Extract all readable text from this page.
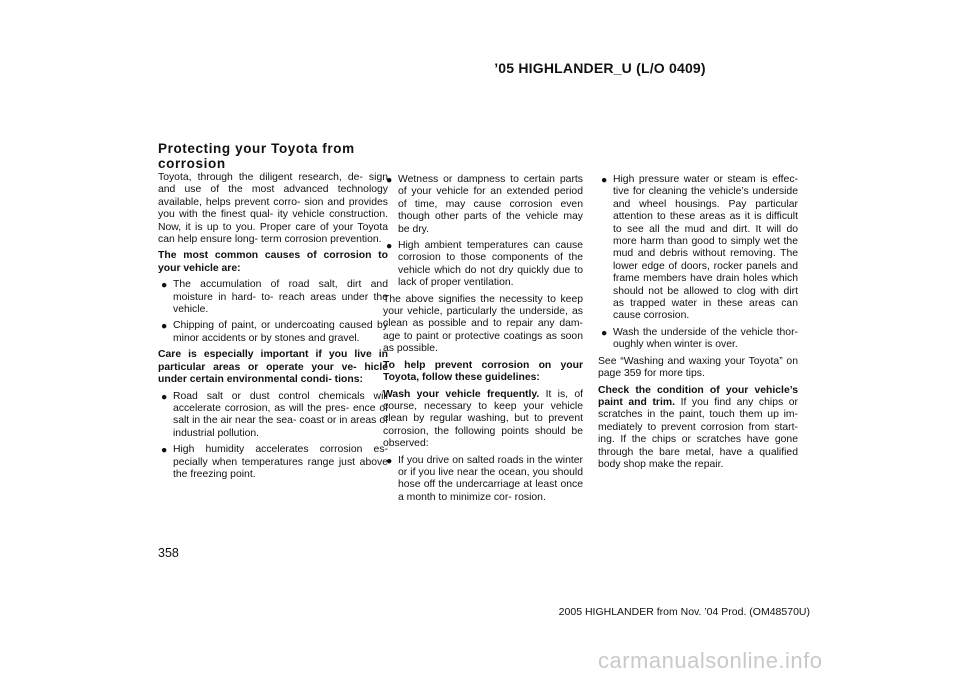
’05 HIGHLANDER_U (L/O 0409)
Protecting your Toyota from corrosion

Toyota, through the diligent research, de- sign and use of the most advanced technology available, helps prevent corro- sion and provides you with the finest qual- ity vehicle construction. Now, it is up to you. Proper care of your Toyota can help ensure long- term corrosion prevention.

The most common causes of corrosion to your vehicle are:

● The accumulation of road salt, dirt and moisture in hard- to- reach areas under the vehicle.
● Chipping of paint, or undercoating caused by minor accidents or by stones and gravel.

Care is especially important if you live in particular areas or operate your ve- hicle under certain environmental condi- tions:

● Road salt or dust control chemicals will accelerate corrosion, as will the pres- ence of salt in the air near the sea- coast or in areas of industrial pollution.
● High humidity accelerates corrosion es- pecially when temperatures range just above the freezing point.
● Wetness or dampness to certain parts of your vehicle for an extended period of time, may cause corrosion even though other parts of the vehicle may be dry.
● High ambient temperatures can cause corrosion to those components of the vehicle which do not dry quickly due to lack of proper ventilation.

The above signifies the necessity to keep your vehicle, particularly the underside, as clean as possible and to repair any dam- age to paint or protective coatings as soon as possible.

To help prevent corrosion on your Toyota, follow these guidelines:

Wash your vehicle frequently. It is, of course, necessary to keep your vehicle clean by regular washing, but to prevent corrosion, the following points should be observed:

● If you drive on salted roads in the winter or if you live near the ocean, you should hose off the undercarriage at least once a month to minimize cor- rosion.
● High pressure water or steam is effec- tive for cleaning the vehicle’s underside and wheel housings. Pay particular attention to these areas as it is difficult to see all the mud and dirt. It will do more harm than good to simply wet the mud and debris without removing. The lower edge of doors, rocker panels and frame members have drain holes which should not be allowed to clog with dirt as trapped water in these areas can cause corrosion.
● Wash the underside of the vehicle thor- oughly when winter is over.

See “Washing and waxing your Toyota” on page 359 for more tips.

Check the condition of your vehicle’s paint and trim. If you find any chips or scratches in the paint, touch them up im- mediately to prevent corrosion from start- ing. If the chips or scratches have gone through the bare metal, have a qualified body shop make the repair.

358
2005 HIGHLANDER from Nov. ’04 Prod. (OM48570U)
carmanualsonline.info
